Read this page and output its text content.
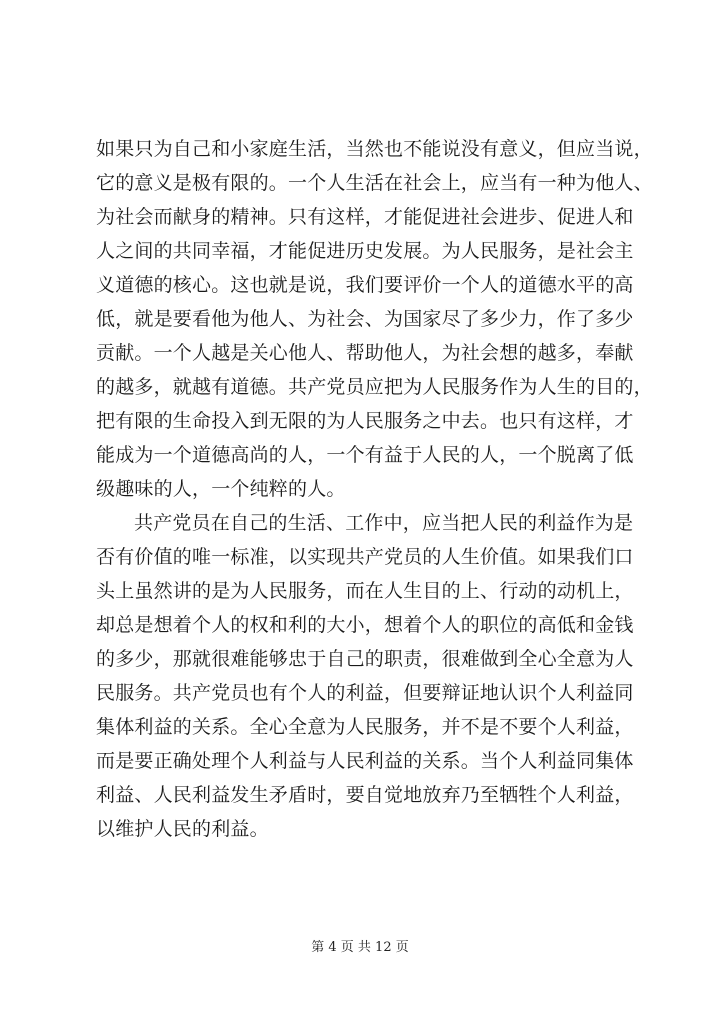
如果只为自己和小家庭生活，当然也不能说没有意义，但应当说，
它的意义是极有限的。一个人生活在社会上，应当有一种为他人、
为社会而献身的精神。只有这样，才能促进社会进步、促进人和
人之间的共同幸福，才能促进历史发展。为人民服务，是社会主
义道德的核心。这也就是说，我们要评价一个人的道德水平的高
低，就是要看他为他人、为社会、为国家尽了多少力，作了多少
贡献。一个人越是关心他人、帮助他人，为社会想的越多，奉献
的越多，就越有道德。共产党员应把为人民服务作为人生的目的，
把有限的生命投入到无限的为人民服务之中去。也只有这样，才
能成为一个道德高尚的人，一个有益于人民的人，一个脱离了低
级趣味的人，一个纯粹的人。
共产党员在自己的生活、工作中，应当把人民的利益作为是
否有价值的唯一标准，以实现共产党员的人生价值。如果我们口
头上虽然讲的是为人民服务，而在人生目的上、行动的动机上，
却总是想着个人的权和利的大小，想着个人的职位的高低和金钱
的多少，那就很难能够忠于自己的职责，很难做到全心全意为人
民服务。共产党员也有个人的利益，但要辩证地认识个人利益同
集体利益的关系。全心全意为人民服务，并不是不要个人利益，
而是要正确处理个人利益与人民利益的关系。当个人利益同集体
利益、人民利益发生矛盾时，要自觉地放弃乃至牺牲个人利益，
以维护人民的利益。
第 4 页 共 12 页
